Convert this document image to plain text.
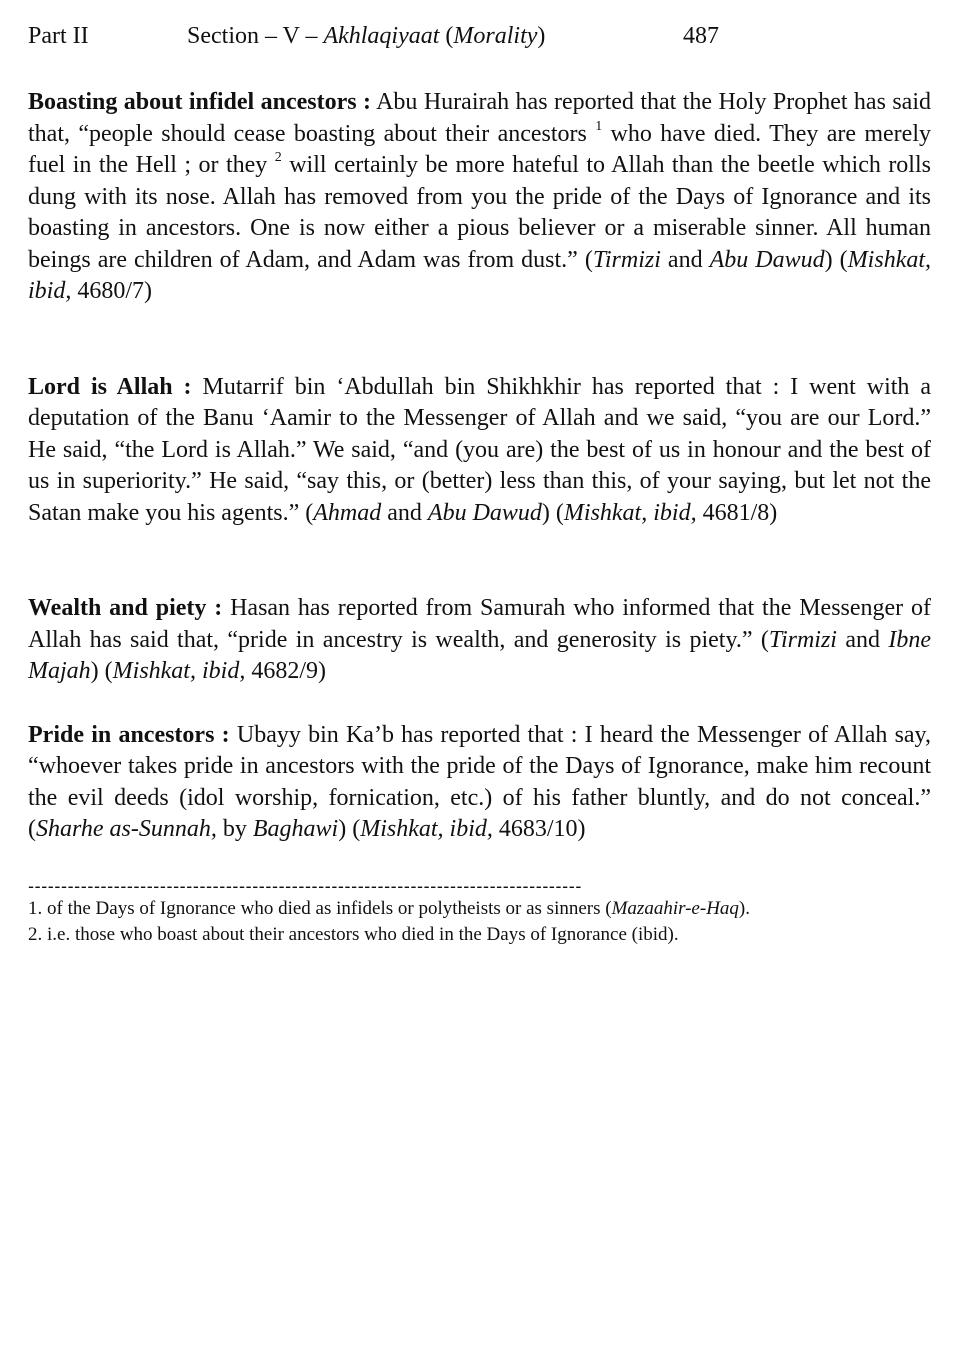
Part II	Section – V – Akhlaqiyaat (Morality)	487

Boasting about infidel ancestors : Abu Hurairah has reported that the Holy Prophet has said that, “people should cease boasting about their ancestors $^1$ who have died. They are merely fuel in the Hell ; or they $^2$ will certainly be more hateful to Allah than the beetle which rolls dung with its nose. Allah has removed from you the pride of the Days of Ignorance and its boasting in ancestors. One is now either a pious believer or a miserable sinner. All human beings are children of Adam, and Adam was from dust.” (Tirmizi and Abu Dawud) (Mishkat, ibid, 4680/7)

Lord is Allah : Mutarrif bin ‘Abdullah bin Shikhkhir has reported that : I went with a deputation of the Banu ‘Aamir to the Messenger of Allah and we said, “you are our Lord.” He said, “the Lord is Allah.” We said, “and (you are) the best of us in honour and the best of us in superiority.” He said, “say this, or (better) less than this, of your saying, but let not the Satan make you his agents.” (Ahmad and Abu Dawud) (Mishkat, ibid, 4681/8)

Wealth and piety : Hasan has reported from Samurah who informed that the Messenger of Allah has said that, “pride in ancestry is wealth, and generosity is piety.” (Tirmizi and Ibne Majah) (Mishkat, ibid, 4682/9)

Pride in ancestors : Ubayy bin Ka’b has reported that : I heard the Messenger of Allah say, “whoever takes pride in ancestors with the pride of the Days of Ignorance, make him recount the evil deeds (idol worship, fornication, etc.) of his father bluntly, and do not conceal.” (Sharhe as-Sunnah, by Baghawi) (Mishkat, ibid, 4683/10)

------------------------------------------------------------------------------------

1. of the Days of Ignorance who died as infidels or polytheists or as sinners (Mazaahir-e-Haq).

2. i.e. those who boast about their ancestors who died in the Days of Ignorance (ibid).
